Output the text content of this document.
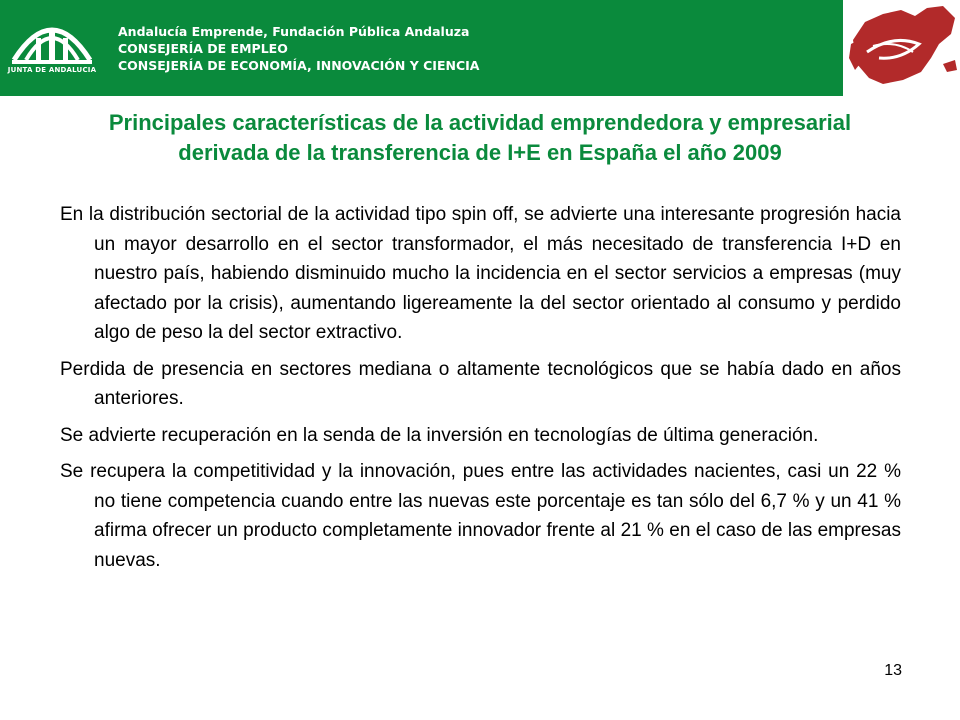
JUNTA DE ANDALUCIA
Andalucía Emprende, Fundación Pública Andaluza
CONSEJERÍA DE EMPLEO
CONSEJERÍA DE ECONOMÍA, INNOVACIÓN Y CIENCIA
Principales características de la actividad emprendedora y empresarial
derivada de la transferencia de I+E en España el año 2009

En la distribución sectorial de la actividad tipo spin off, se advierte una interesante progresión hacia un mayor desarrollo en el sector transformador, el más necesitado de transferencia I+D en nuestro país, habiendo disminuido mucho la incidencia en el sector servicios a empresas (muy afectado por la crisis), aumentando ligereamente la del sector orientado al consumo y perdido algo de peso la del sector extractivo.

Perdida de presencia en sectores mediana o altamente tecnológicos que se había dado en años anteriores.

Se advierte recuperación en la senda de la inversión en tecnologías de última generación.

Se recupera la competitividad y la innovación, pues entre las actividades nacientes, casi un 22 % no tiene competencia cuando entre las nuevas este porcentaje es tan sólo del 6,7 % y un 41 % afirma ofrecer un producto completamente innovador frente al 21 % en el caso de las empresas nuevas.

13
